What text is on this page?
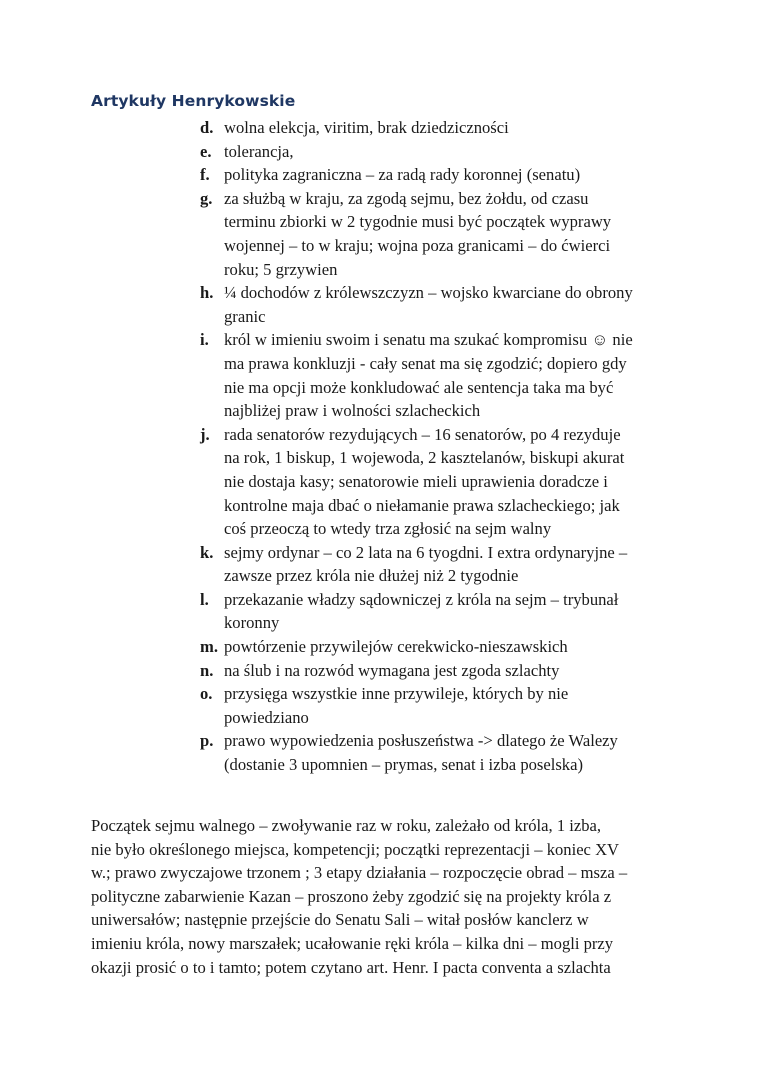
Artykuły Henrykowskie
d. wolna elekcja, viritim, brak dziedziczności
e. tolerancja,
f. polityka zagraniczna – za radą rady koronnej (senatu)
g. za służbą w kraju, za zgodą sejmu, bez żołdu, od czasu
terminu zbiorki w 2 tygodnie musi być początek wyprawy
wojennej – to w kraju; wojna poza granicami – do ćwierci
roku; 5 grzywien
h. ¼ dochodów z królewszczyzn – wojsko kwarciane do obrony
granic
i. król w imieniu swoim i senatu ma szukać kompromisu ☺ nie
ma prawa konkluzji - cały senat ma się zgodzić; dopiero gdy
nie ma opcji może konkludować ale sentencja taka ma być
najbliżej praw i wolności szlacheckich
j. rada senatorów rezydujących – 16 senatorów, po 4 rezyduje
na rok, 1 biskup, 1 wojewoda, 2 kasztelanów, biskupi akurat
nie dostaja kasy; senatorowie mieli uprawienia doradcze i
kontrolne maja dbać o niełamanie prawa szlacheckiego; jak
coś przeoczą to wtedy trza zgłosić na sejm walny
k. sejmy ordynar – co 2 lata na 6 tyogdni. I extra ordynaryjne –
zawsze przez króla nie dłużej niż 2 tygodnie
l. przekazanie władzy sądowniczej z króla na sejm – trybunał
koronny
m. powtórzenie przywilejów cerekwicko-nieszawskich
n. na ślub i na rozwód wymagana jest zgoda szlachty
o. przysięga wszystkie inne przywileje, których by nie
powiedziano
p. prawo wypowiedzenia posłuszeństwa -> dlatego że Walezy
(dostanie 3 upomnien – prymas, senat i izba poselska)

Początek sejmu walnego – zwoływanie raz w roku, zależało od króla, 1 izba,
nie było określonego miejsca, kompetencji; początki reprezentacji – koniec XV
w.; prawo zwyczajowe trzonem ; 3 etapy działania – rozpoczęcie obrad – msza –
polityczne zabarwienie Kazan – proszono żeby zgodzić się na projekty króla z
uniwersałów; następnie przejście do Senatu Sali – witał posłów kanclerz w
imieniu króla, nowy marszałek; ucałowanie ręki króla – kilka dni – mogli przy
okazji prosić o to i tamto; potem czytano art. Henr. I pacta conventa a szlachta
